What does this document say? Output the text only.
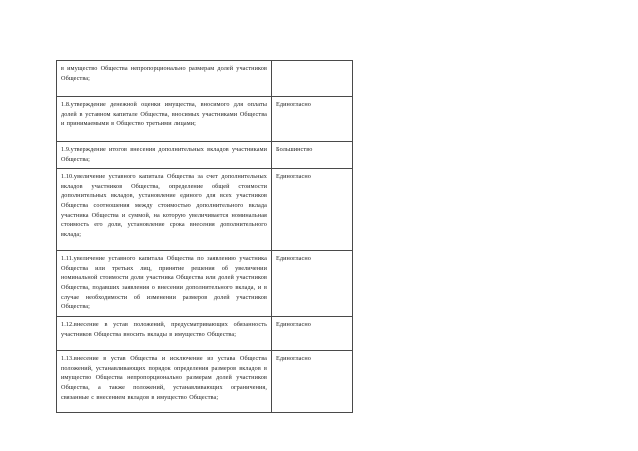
в имущество Общества непропорционально размерам долей участников Общества;	
1.8.утверждение денежной оценки имущества, вносимого для оплаты долей в уставном капитале Общества, вносимых участниками Общества и принимаемыми в Общество третьими лицами;	Единогласно
1.9.утверждение итогов внесения дополнительных вкладов участниками Общества;	Большинство
1.10.увеличение уставного капитала Общества за счет дополнительных вкладов участников Общества, определение общей стоимости дополнительных вкладов, установление единого для всех участников Общества соотношения между стоимостью дополнительного вклада участника Общества и суммой, на которую увеличивается номинальная стоимость его доли, установление срока внесения дополнительного вклада;	Единогласно
1.11.увеличение уставного капитала Общества по заявлению участника Общества или третьих лиц, принятие решения об увеличении номинальной стоимости доли участника Общества или долей участников Общества, подавших заявления о внесении дополнительного вклада, и в случае необходимости об изменении размеров долей участников Общества;	Единогласно
1.12.внесение в устав положений, предусматривающих обязанность участников Общества вносить вклады в имущество Общества;	Единогласно
1.13.внесение в устав Общества и исключение из устава Общества положений, устанавливающих порядок определения размеров вкладов в имущество Общества непропорционально размерам долей участников Общества, а также положений, устанавливающих ограничения, связанные с внесением вкладов в имущество Общества;	Единогласно
